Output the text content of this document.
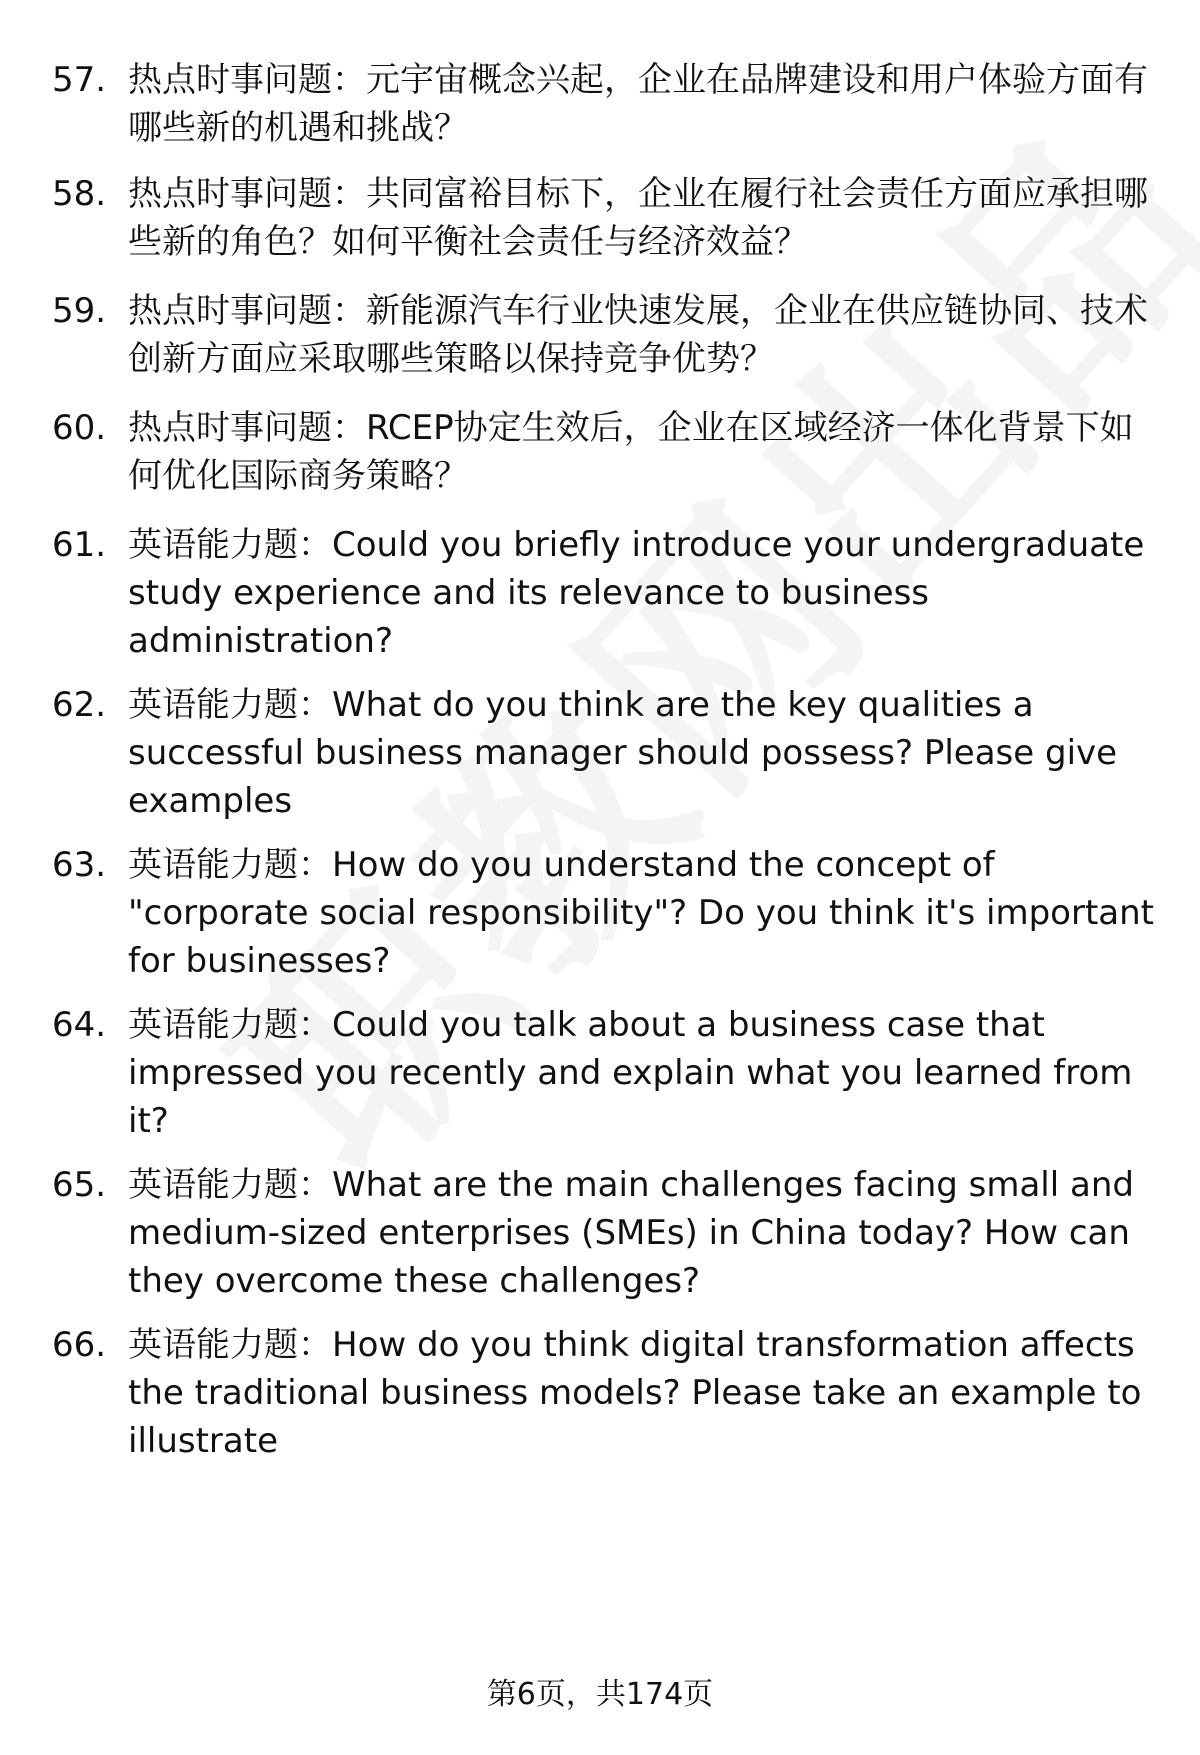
57. 热点时事问题：元宇宙概念兴起，企业在品牌建设和用户体验方面有哪些新的机遇和挑战？
58. 热点时事问题：共同富裕目标下，企业在履行社会责任方面应承担哪些新的角色？如何平衡社会责任与经济效益？
59. 热点时事问题：新能源汽车行业快速发展，企业在供应链协同、技术创新方面应采取哪些策略以保持竞争优势？
60. 热点时事问题：RCEP协定生效后，企业在区域经济一体化背景下如何优化国际商务策略？
61. 英语能力题：Could you briefly introduce your undergraduate study experience and its relevance to business administration?
62. 英语能力题：What do you think are the key qualities a successful business manager should possess? Please give examples
63. 英语能力题：How do you understand the concept of "corporate social responsibility"? Do you think it's important for businesses?
64. 英语能力题：Could you talk about a business case that impressed you recently and explain what you learned from it?
65. 英语能力题：What are the main challenges facing small and medium-sized enterprises (SMEs) in China today? How can they overcome these challenges?
66. 英语能力题：How do you think digital transformation affects the traditional business models? Please take an example to illustrate
第6页，共174页
